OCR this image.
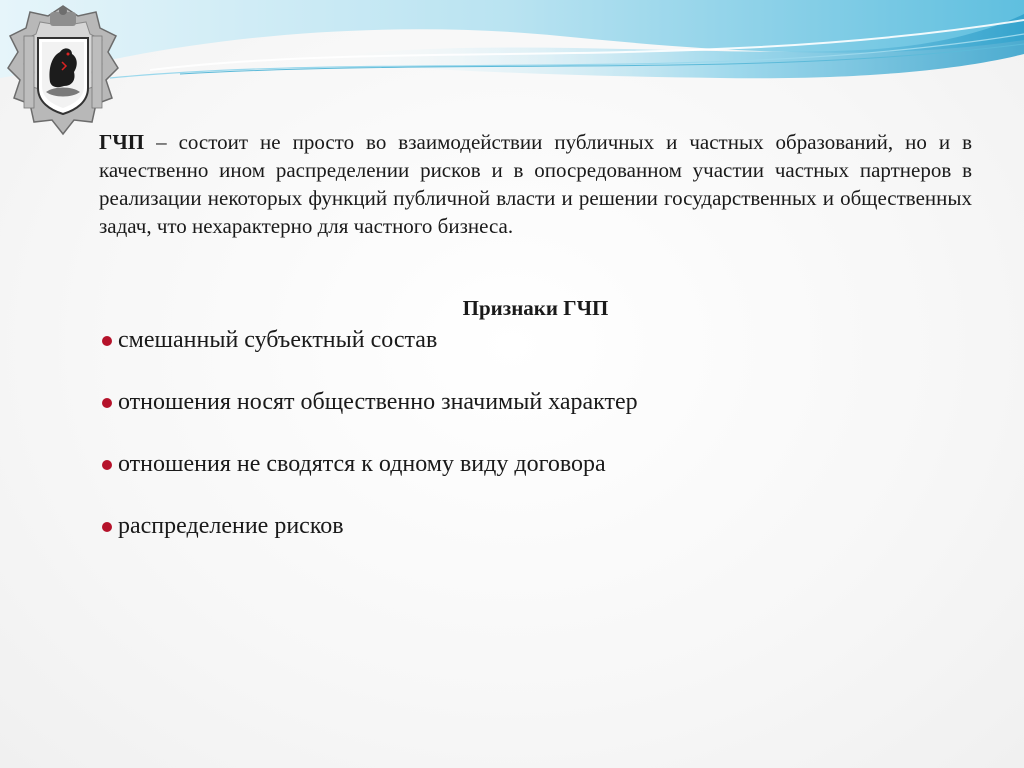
ГЧП – состоит не просто во взаимодействии публичных и частных образований, но и в качественно ином распределении рисков и в опосредованном участии частных партнеров в реализации некоторых функций публичной власти и решении государственных и общественных задач, что нехарактерно для частного бизнеса.

Признаки ГЧП

смешанный субъектный состав
отношения носят общественно значимый характер
отношения не сводятся к одному виду договора
распределение рисков
